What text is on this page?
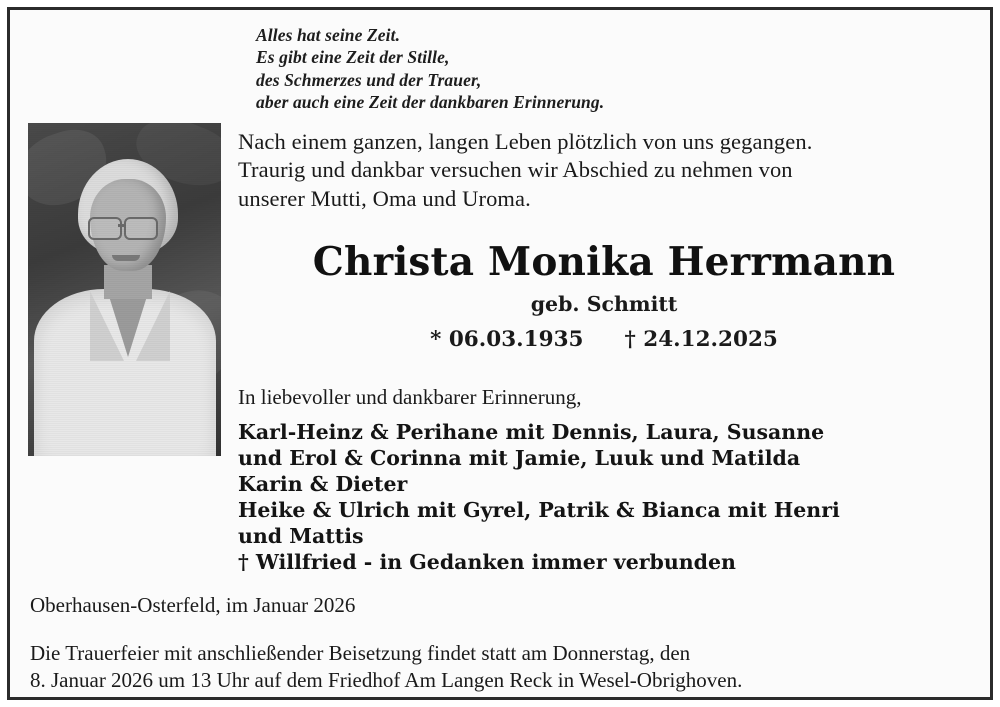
Alles hat seine Zeit.
Es gibt eine Zeit der Stille,
des Schmerzes und der Trauer,
aber auch eine Zeit der dankbaren Erinnerung.
Nach einem ganzen, langen Leben plötzlich von uns gegangen.
Traurig und dankbar versuchen wir Abschied zu nehmen von
unserer Mutti, Oma und Uroma.
Christa Monika Herrmann
geb. Schmitt
* 06.03.1935 † 24.12.2025
In liebevoller und dankbarer Erinnerung,
Karl-Heinz & Perihane mit Dennis, Laura, Susanne
und Erol & Corinna mit Jamie, Luuk und Matilda
Karin & Dieter
Heike & Ulrich mit Gyrel, Patrik & Bianca mit Henri
und Mattis
† Willfried - in Gedanken immer verbunden
Oberhausen-Osterfeld, im Januar 2026
Die Trauerfeier mit anschließender Beisetzung findet statt am Donnerstag, den
8. Januar 2026 um 13 Uhr auf dem Friedhof Am Langen Reck in Wesel-Obrighoven.
